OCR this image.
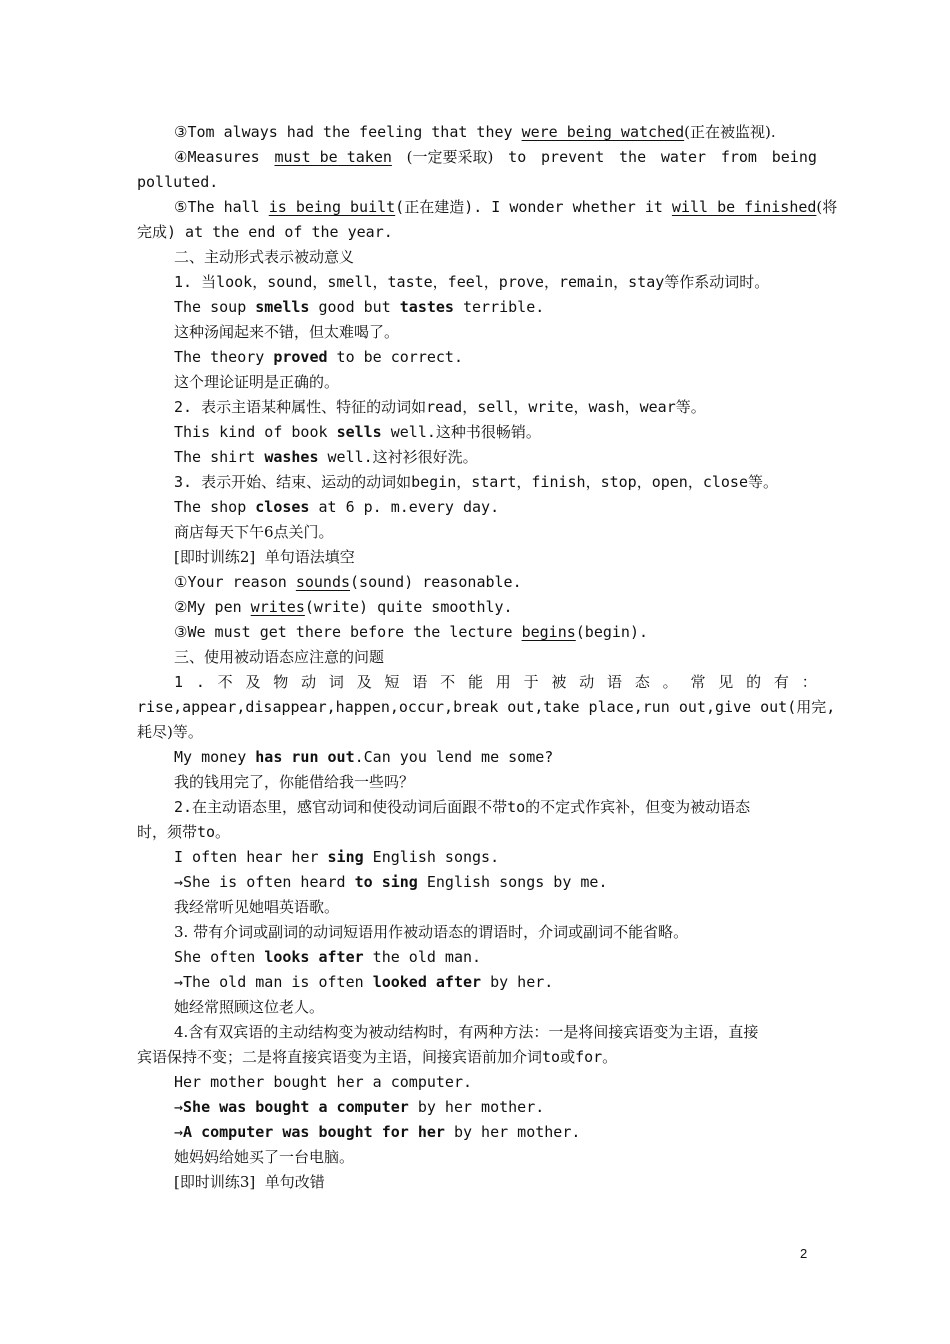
③Tom always had the feeling that they were being watched(正在被监视).
④Measures must be taken (一定要采取) to prevent the water from being
polluted.
⑤The hall is being built(正在建造). I wonder whether it will be finished(将
完成) at the end of the year.
二、主动形式表示被动意义
1. 当look，sound，smell，taste，feel，prove，remain，stay等作系动词时。
The soup smells good but tastes terrible.
这种汤闻起来不错，但太难喝了。
The theory proved to be correct.
这个理论证明是正确的。
2. 表示主语某种属性、特征的动词如read，sell，write，wash，wear等。
This kind of book sells well.这种书很畅销。
The shirt washes well.这衬衫很好洗。
3. 表示开始、结束、运动的动词如begin，start，finish，stop，open，close等。
The shop closes at 6 p. m.every day.
商店每天下午6点关门。
[即时训练2]  单句语法填空
①Your reason sounds(sound) reasonable.
②My pen writes(write) quite smoothly.
③We must get there before the lecture begins(begin).
三、使用被动语态应注意的问题
1 . 不 及 物 动 词 及 短 语 不 能 用 于 被 动 语 态 。 常 见 的 有 ：
rise,appear,disappear,happen,occur,break out,take place,run out,give out(用完,
耗尽)等。
My money has run out.Can you lend me some?
我的钱用完了，你能借给我一些吗？
2.在主动语态里，感官动词和使役动词后面跟不带to的不定式作宾补，但变为被动语态
时，须带to。
I often hear her sing English songs.
→She is often heard to sing English songs by me.
我经常听见她唱英语歌。
3. 带有介词或副词的动词短语用作被动语态的谓语时，介词或副词不能省略。
She often looks after the old man.
→The old man is often looked after by her.
她经常照顾这位老人。
4.含有双宾语的主动结构变为被动结构时，有两种方法：一是将间接宾语变为主语，直接
宾语保持不变；二是将直接宾语变为主语，间接宾语前加介词to或for。
Her mother bought her a computer.
→She was bought a computer by her mother.
→A computer was bought for her by her mother.
她妈妈给她买了一台电脑。
[即时训练3]  单句改错
2
